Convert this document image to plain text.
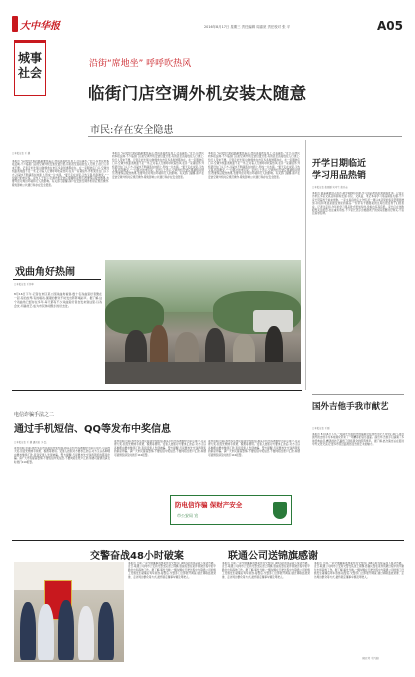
大中华报	2016年8月17日 星期三 责任编辑 周嘉宽 责任校对 张 平	A05
城事
社会
沿街“席地坐” 呼呼吹热风
临街门店空调外机安装太随意
市民:存在安全隐患
□本报记者 王 婕
本报讯 “每次经过那段路都要绕着走,热风直接吹在身上,还有滴水。”近日,有市民向本报反映,不少临街门店的空调外机安装位置过低,有的甚至直接放在人行道上,给行人带来不便。记者走访发现,这种现象在市区多条街道都存在。在一家服装店门口,空调外机距离地面不足一米,正对着人行道呼呼吹着热风;在另一家餐馆外,外机架设在门头下方,冷凝水不断滴落在地面上,形成一片水渍。“夏天走在这里,又热又湿,特别难受。”一位路过的市民说。业内人士表示,空调外机安装应遵循相关规范,既要保证散热效果,也要考虑对周边环境和行人的影响。有关部门提醒,商户在安装空调外机时应规范操作,避免影响公共通行和存在安全隐患。
本报讯 “每次经过那段路都要绕着走,热风直接吹在身上,还有滴水。”近日,有市民向本报反映,不少临街门店的空调外机安装位置过低,有的甚至直接放在人行道上,给行人带来不便。记者走访发现,这种现象在市区多条街道都存在。在一家服装店门口,空调外机距离地面不足一米,正对着人行道呼呼吹着热风;在另一家餐馆外,外机架设在门头下方,冷凝水不断滴落在地面上,形成一片水渍。“夏天走在这里,又热又湿,特别难受。”一位路过的市民说。业内人士表示,空调外机安装应遵循相关规范,既要保证散热效果,也要考虑对周边环境和行人的影响。有关部门提醒,商户在安装空调外机时应规范操作,避免影响公共通行和存在安全隐患。
本报讯 “每次经过那段路都要绕着走,热风直接吹在身上,还有滴水。”近日,有市民向本报反映,不少临街门店的空调外机安装位置过低,有的甚至直接放在人行道上,给行人带来不便。记者走访发现,这种现象在市区多条街道都存在。在一家服装店门口,空调外机距离地面不足一米,正对着人行道呼呼吹着热风;在另一家餐馆外,外机架设在门头下方,冷凝水不断滴落在地面上,形成一片水渍。“夏天走在这里,又热又湿,特别难受。”一位路过的市民说。业内人士表示,空调外机安装应遵循相关规范,既要保证散热效果,也要考虑对周边环境和行人的影响。有关部门提醒,商户在安装空调外机时应规范操作,避免影响公共通行和存在安全隐患。
开学日期临近
学习用品热销
□本报记者 张丽丽 实习生 张日前
本报讯 随着暑假进入尾声,新学期即将到来,学习用品市场迎来销售旺季。记者走访市区多家文具店和商场发现,书包、文具盒、笔记本等学习用品销售火爆,不少家长带着孩子前来选购。一家文具店的店主介绍,近一周以来店里的客流量明显增加,书包和笔袋是最受欢迎的商品,一些带有卡通图案的文具也很受孩子们的喜爱。记者注意到,今年的学习用品款式更加多样,价格也有高有低。家长们在选购时既关注质量,也注重实用性,不少家长表示会根据孩子的实际需要进行购买,不盲目追求名牌。
戏曲角好热闹
□本报记者 王作华
8月16日下午,记者在市区某公园戏曲角看到,数十名戏曲爱好者聚在一起,有的拉琴,有的唱戏,围观的群众不时发出阵阵喝彩声。据了解,这个戏曲角已经存在多年,每天都有不少戏曲爱好者自发来到这里,以戏会友,切磋技艺,成为市民休闲娱乐的好去处。
国外吉他手我市献艺
□本报记者 王丽
本报讯 8月16日下午,一场别开生面的吉他演奏会在我市文化艺术中心举行,来自国外的吉他手为本地观众带来了一场精彩的音乐盛宴。演出中,吉他手们演奏了多首经典曲目,精湛的技艺赢得了现场观众的阵阵掌声。据了解,此次演出旨在促进中外文化交流,让更多市民近距离感受吉他艺术的魅力。
电信诈骗手法之二
通过手机短信、QQ等发布中奖信息
□本报记者 王 婕 通讯员 李 磊
案件回顾:近期,我市多名市民接到中奖短信,称其手机号码被抽中为幸运用户,可获得大奖,但需先缴纳手续费、税费等费用。受害人按照对方要求汇款后,对方又以各种理由要求继续汇款,直到受害人发现被骗。警方提醒:凡是要求先交钱再领奖的都是诈骗。请广大市民提高警惕,不要轻信中奖信息,不要向陌生账户汇款,如遇可疑情况请及时拨打110报警。
案件回顾:近期,我市多名市民接到中奖短信,称其手机号码被抽中为幸运用户,可获得大奖,但需先缴纳手续费、税费等费用。受害人按照对方要求汇款后,对方又以各种理由要求继续汇款,直到受害人发现被骗。警方提醒:凡是要求先交钱再领奖的都是诈骗。请广大市民提高警惕,不要轻信中奖信息,不要向陌生账户汇款,如遇可疑情况请及时拨打110报警。
案件回顾:近期,我市多名市民接到中奖短信,称其手机号码被抽中为幸运用户,可获得大奖,但需先缴纳手续费、税费等费用。受害人按照对方要求汇款后,对方又以各种理由要求继续汇款,直到受害人发现被骗。警方提醒:凡是要求先交钱再领奖的都是诈骗。请广大市民提高警惕,不要轻信中奖信息,不要向陌生账户汇款,如遇可疑情况请及时拨打110报警。
防电信诈骗 保财产安全
市公安局 宣
交警奋战48小时破案	联通公司送锦旗感谢
本报讯 日前,一起交通肇事逃逸案件在交警部门48小时连续奋战下成功告破。近日,联通公司向市公安局交警支队送上锦旗,感谢民警在案件侦破过程中的辛勤付出和高效工作。据了解,事发当晚,一辆车辆在行驶过程中与联通公司的施工设施发生碰撞后驾车逃逸,接警后,交警部门立即展开调查,通过调取监控录像、走访周边群众等方式,最终锁定肇事车辆及驾驶人。
本报讯 日前,一起交通肇事逃逸案件在交警部门48小时连续奋战下成功告破。近日,联通公司向市公安局交警支队送上锦旗,感谢民警在案件侦破过程中的辛勤付出和高效工作。据了解,事发当晚,一辆车辆在行驶过程中与联通公司的施工设施发生碰撞后驾车逃逸,接警后,交警部门立即展开调查,通过调取监控录像、走访周边群众等方式,最终锁定肇事车辆及驾驶人。
本报讯 日前,一起交通肇事逃逸案件在交警部门48小时连续奋战下成功告破。近日,联通公司向市公安局交警支队送上锦旗,感谢民警在案件侦破过程中的辛勤付出和高效工作。据了解,事发当晚,一辆车辆在行驶过程中与联通公司的施工设施发生碰撞后驾车逃逸,接警后,交警部门立即展开调查,通过调取监控录像、走访周边群众等方式,最终锁定肇事车辆及驾驶人。
(刘红玲 王昌晨)
